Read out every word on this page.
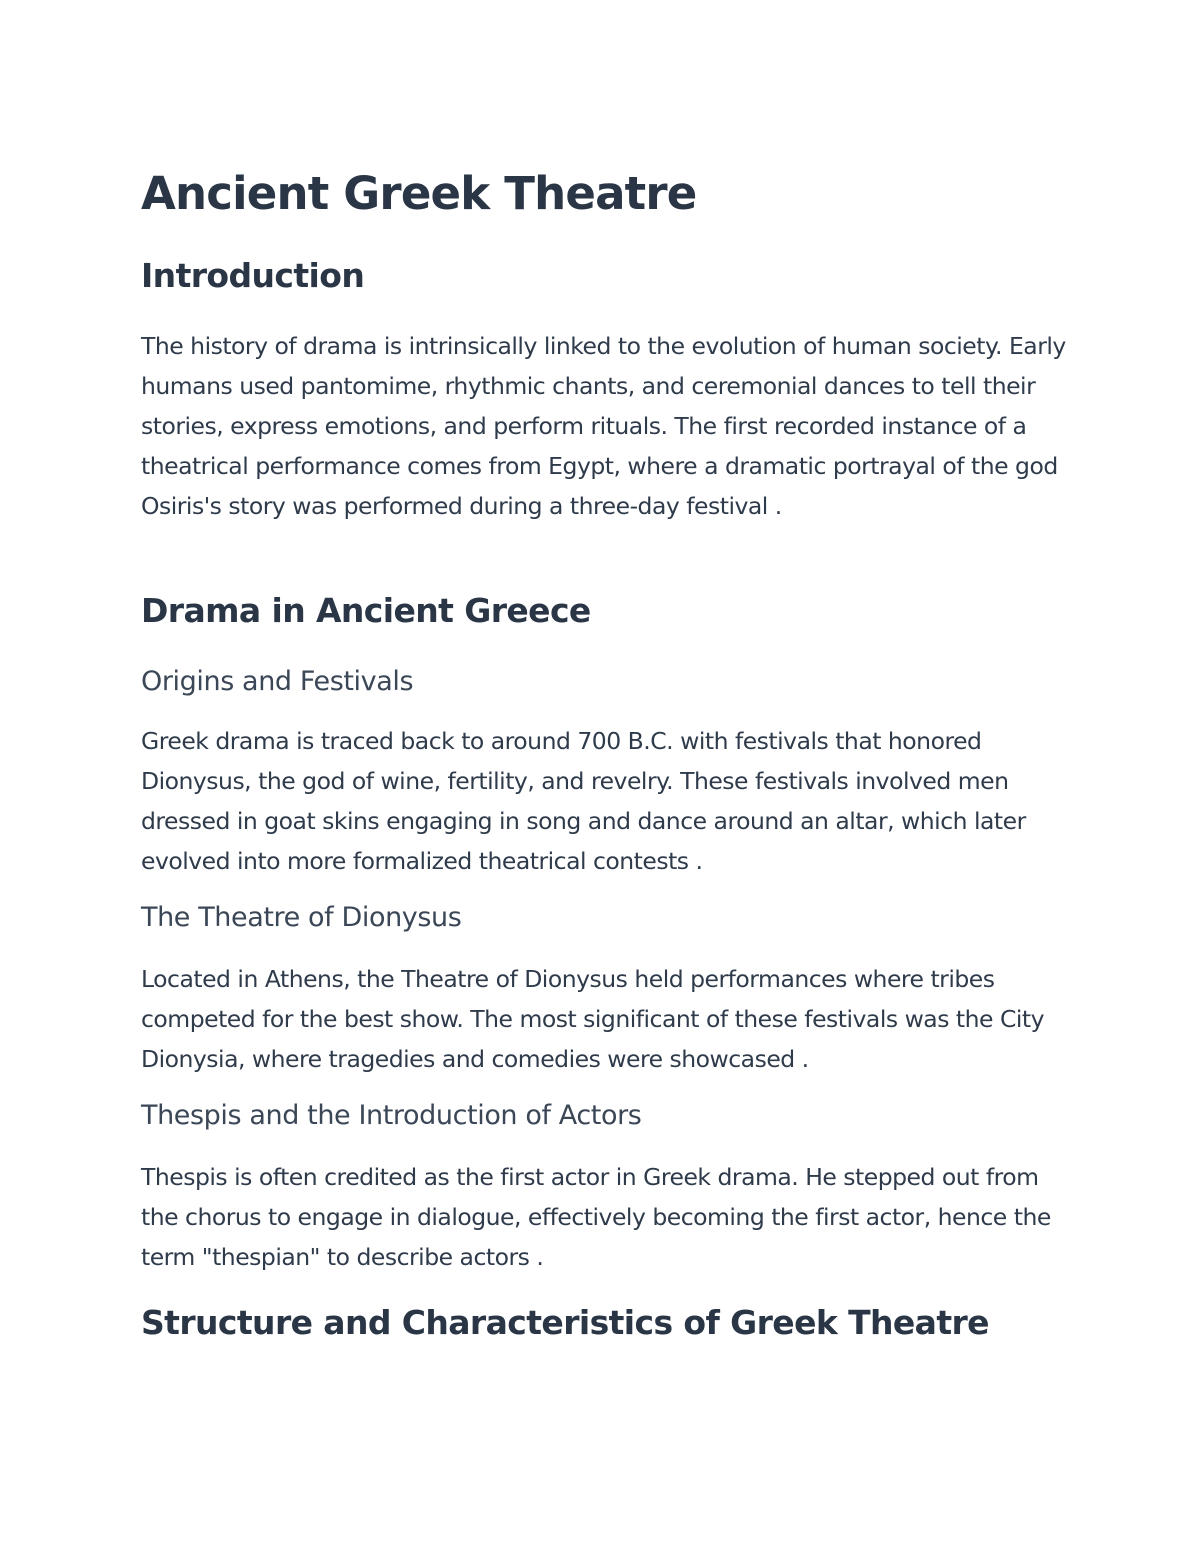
Ancient Greek Theatre
Introduction

The history of drama is intrinsically linked to the evolution of human society. Early humans used pantomime, rhythmic chants, and ceremonial dances to tell their stories, express emotions, and perform rituals. The first recorded instance of a theatrical performance comes from Egypt, where a dramatic portrayal of the god Osiris's story was performed during a three-day festival .

Drama in Ancient Greece
Origins and Festivals

Greek drama is traced back to around 700 B.C. with festivals that honored Dionysus, the god of wine, fertility, and revelry. These festivals involved men dressed in goat skins engaging in song and dance around an altar, which later evolved into more formalized theatrical contests .

The Theatre of Dionysus

Located in Athens, the Theatre of Dionysus held performances where tribes competed for the best show. The most significant of these festivals was the City Dionysia, where tragedies and comedies were showcased .

Thespis and the Introduction of Actors

Thespis is often credited as the first actor in Greek drama. He stepped out from the chorus to engage in dialogue, effectively becoming the first actor, hence the term "thespian" to describe actors .

Structure and Characteristics of Greek Theatre
